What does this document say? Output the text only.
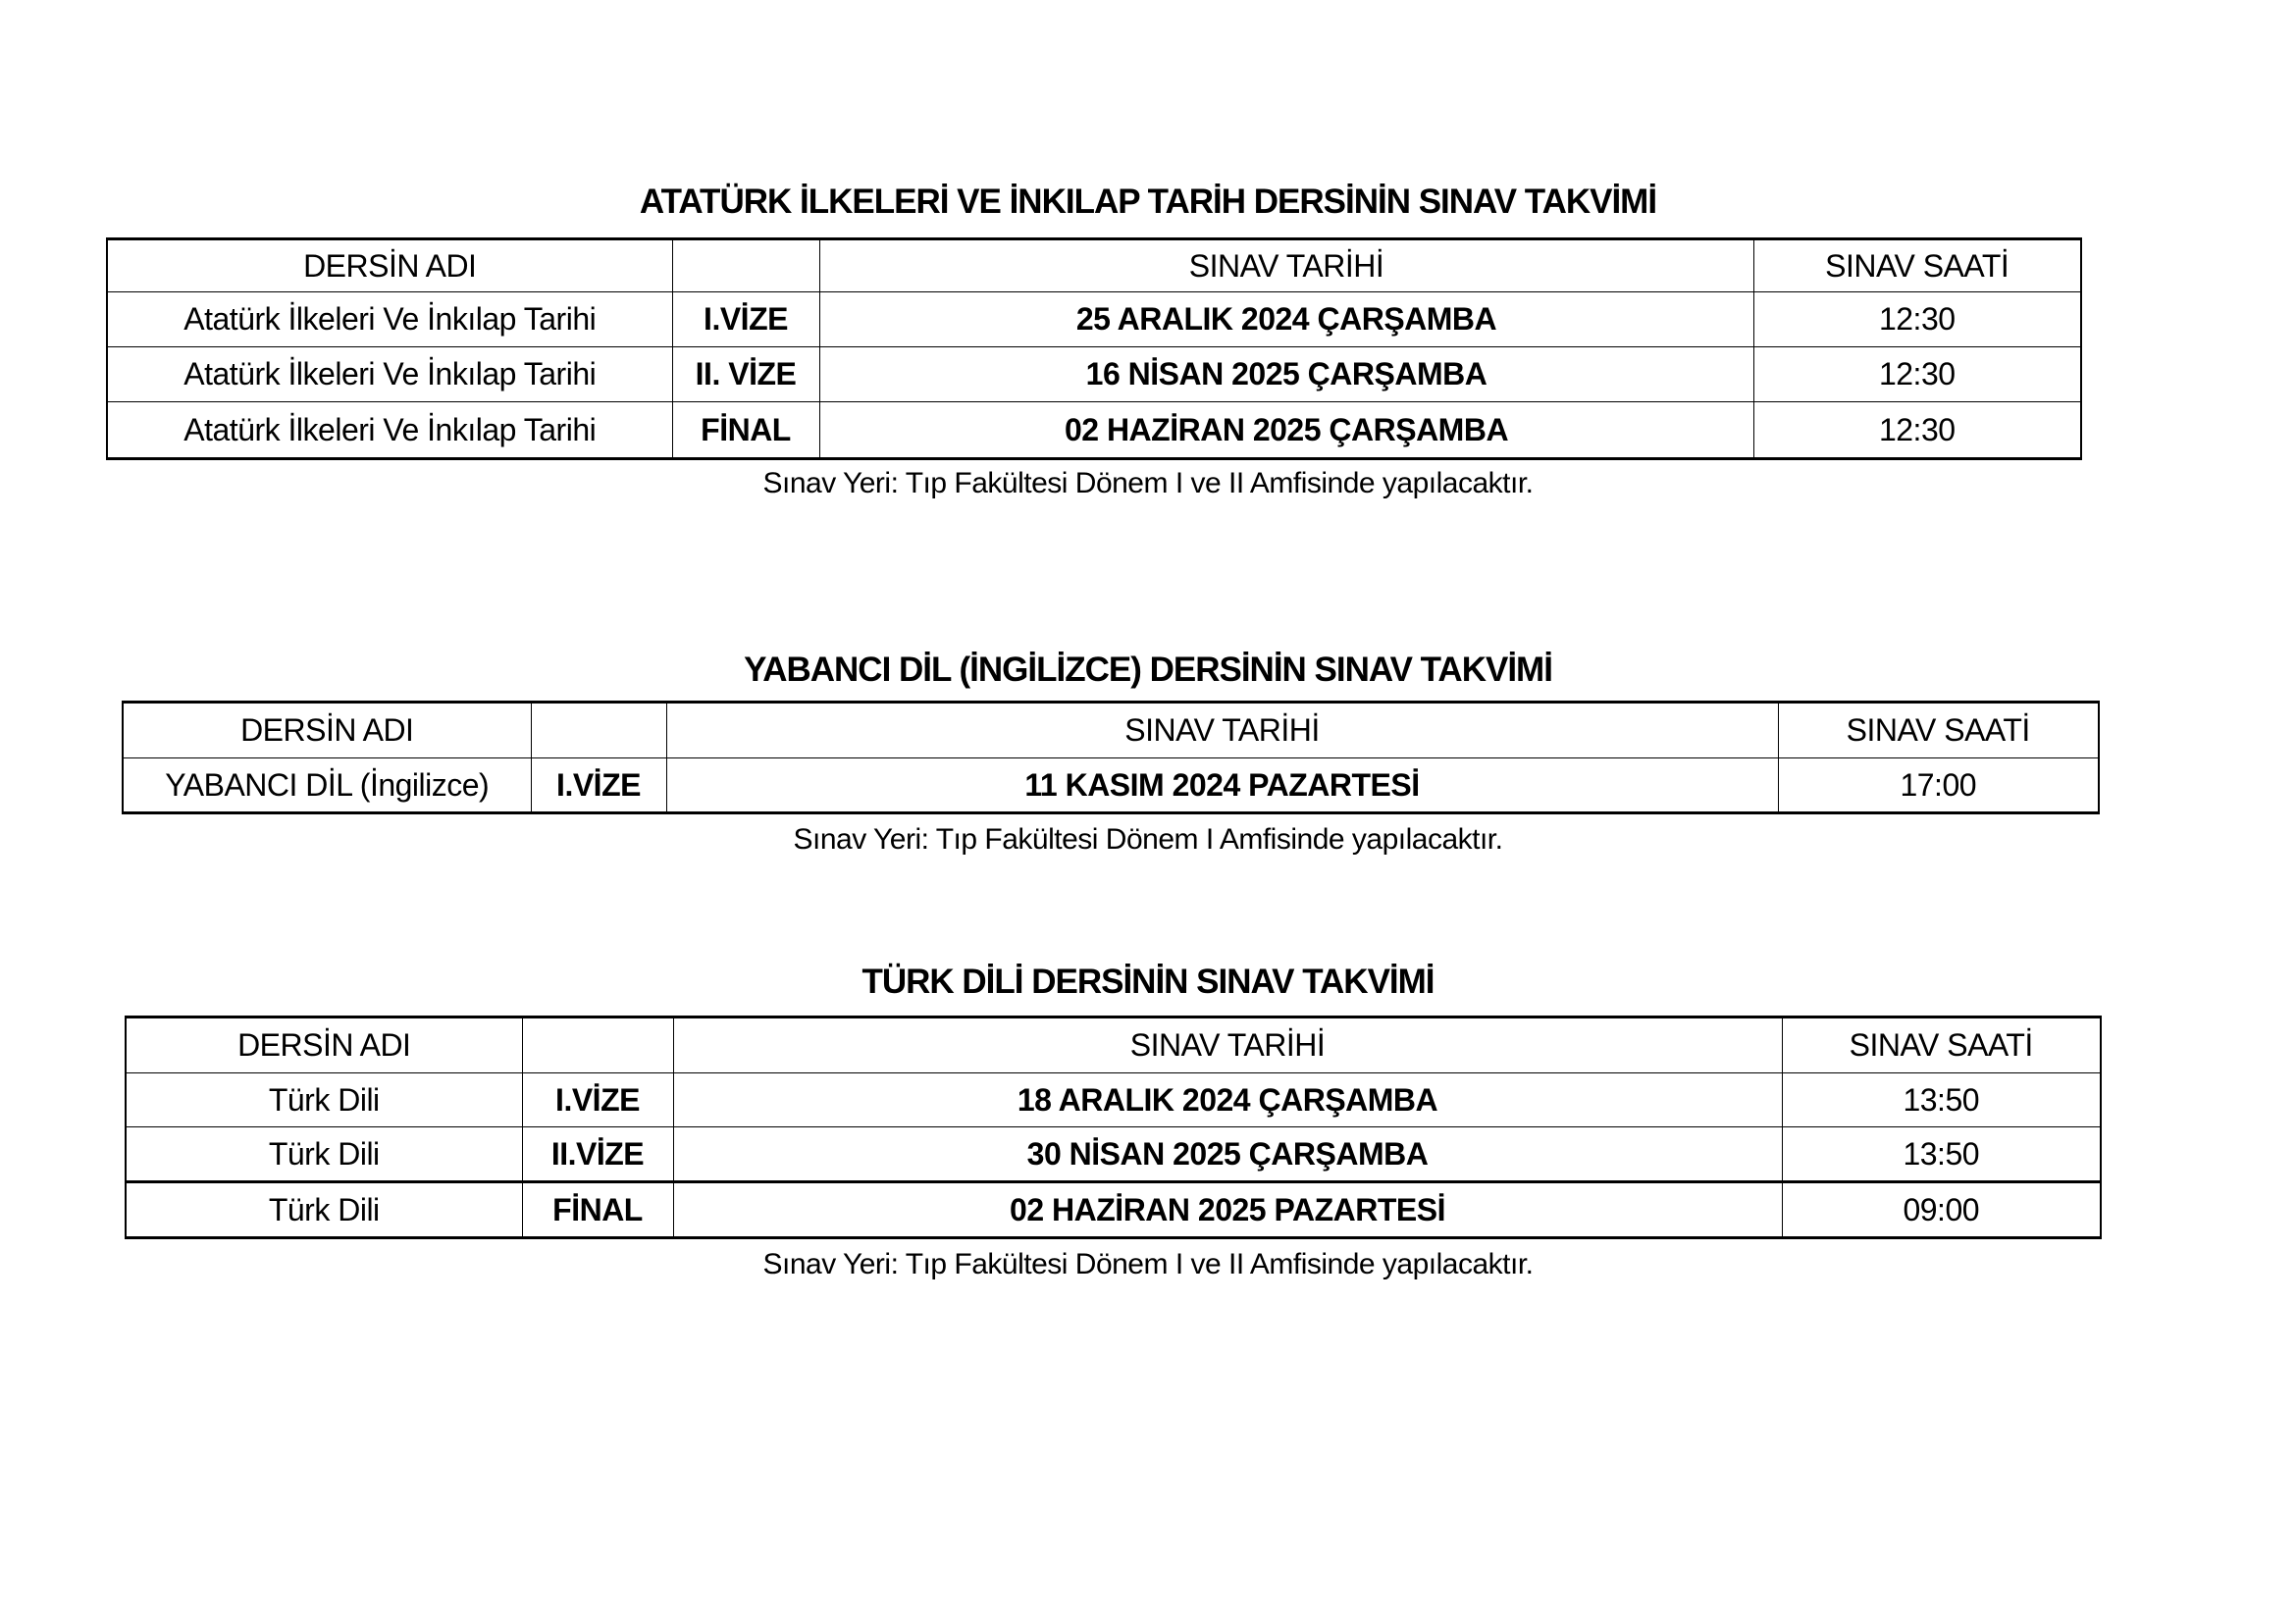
ATATÜRK İLKELERİ VE İNKILAP TARİH DERSİNİN SINAV TAKVİMİ
DERSİN ADI		SINAV TARİHİ	SINAV SAATİ
Atatürk İlkeleri Ve İnkılap Tarihi	I.VİZE	25 ARALIK 2024 ÇARŞAMBA	12:30
Atatürk İlkeleri Ve İnkılap Tarihi	II. VİZE	16 NİSAN 2025 ÇARŞAMBA	12:30
Atatürk İlkeleri Ve İnkılap Tarihi	FİNAL	02 HAZİRAN 2025 ÇARŞAMBA	12:30
Sınav Yeri: Tıp Fakültesi Dönem I ve II Amfisinde yapılacaktır.
YABANCI DİL (İNGİLİZCE) DERSİNİN SINAV TAKVİMİ
DERSİN ADI		SINAV TARİHİ	SINAV SAATİ
YABANCI DİL (İngilizce)	I.VİZE	11 KASIM 2024 PAZARTESİ	17:00
Sınav Yeri: Tıp Fakültesi Dönem I Amfisinde yapılacaktır.
TÜRK DİLİ DERSİNİN SINAV TAKVİMİ
DERSİN ADI		SINAV TARİHİ	SINAV SAATİ
Türk Dili	I.VİZE	18 ARALIK 2024 ÇARŞAMBA	13:50
Türk Dili	II.VİZE	30 NİSAN 2025 ÇARŞAMBA	13:50
Türk Dili	FİNAL	02 HAZİRAN 2025 PAZARTESİ	09:00
Sınav Yeri: Tıp Fakültesi Dönem I ve II Amfisinde yapılacaktır.
